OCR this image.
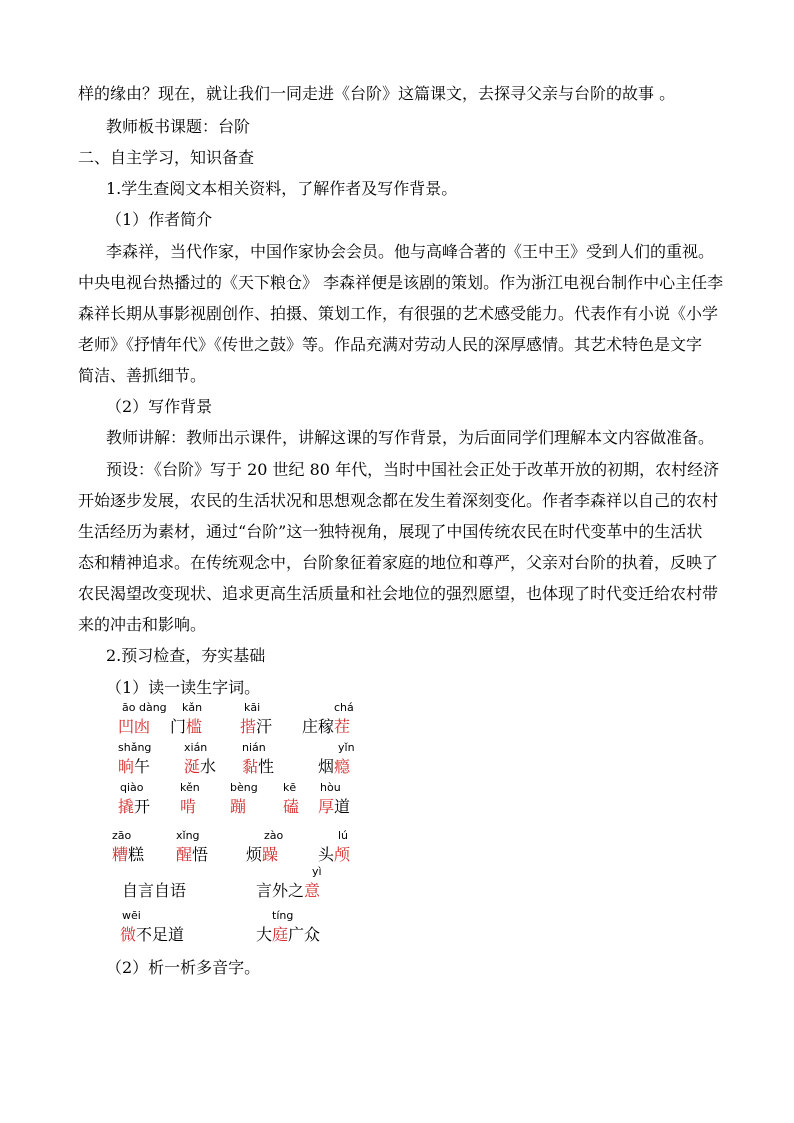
样的缘由？现在，就让我们一同走进《台阶》这篇课文，去探寻父亲与台阶的故事 。
教师板书课题：台阶
二、自主学习，知识备查
1.学生查阅文本相关资料，了解作者及写作背景。
（1）作者简介
李森祥，当代作家，中国作家协会会员。他与高峰合著的《王中王》受到人们的重视。
中央电视台热播过的《天下粮仓》 李森祥便是该剧的策划。作为浙江电视台制作中心主任李
森祥长期从事影视剧创作、拍摄、策划工作，有很强的艺术感受能力。代表作有小说《小学
老师》《抒情年代》《传世之鼓》等。作品充满对劳动人民的深厚感情。其艺术特色是文字
简洁、善抓细节。
（2）写作背景
教师讲解：教师出示课件，讲解这课的写作背景，为后面同学们理解本文内容做准备。
预设：《台阶》写于 20 世纪 80 年代，当时中国社会正处于改革开放的初期，农村经济
开始逐步发展，农民的生活状况和思想观念都在发生着深刻变化。作者李森祥以自己的农村
生活经历为素材，通过“台阶”这一独特视角，展现了中国传统农民在时代变革中的生活状
态和精神追求。在传统观念中，台阶象征着家庭的地位和尊严，父亲对台阶的执着，反映了
农民渴望改变现状、追求更高生活质量和社会地位的强烈愿望，也体现了时代变迁给农村带
来的冲击和影响。
2.预习检查，夯实基础
（1）读一读生字词。
āo dàng
凹凼
kǎn
门槛
kāi
揩汗
chá
庄稼茬
shǎng
晌午
xián
涎水
nián
黏性
yǐn
烟瘾
qiào
撬开
kěn
啃
bèng
蹦
kē
磕
hòu
厚道
zāo
糟糕
xǐng
醒悟
zào
烦躁
lú
头颅
自言自语
yì
言外之意
wēi
微不足道
tíng
大庭广众
（2）析一析多音字。
